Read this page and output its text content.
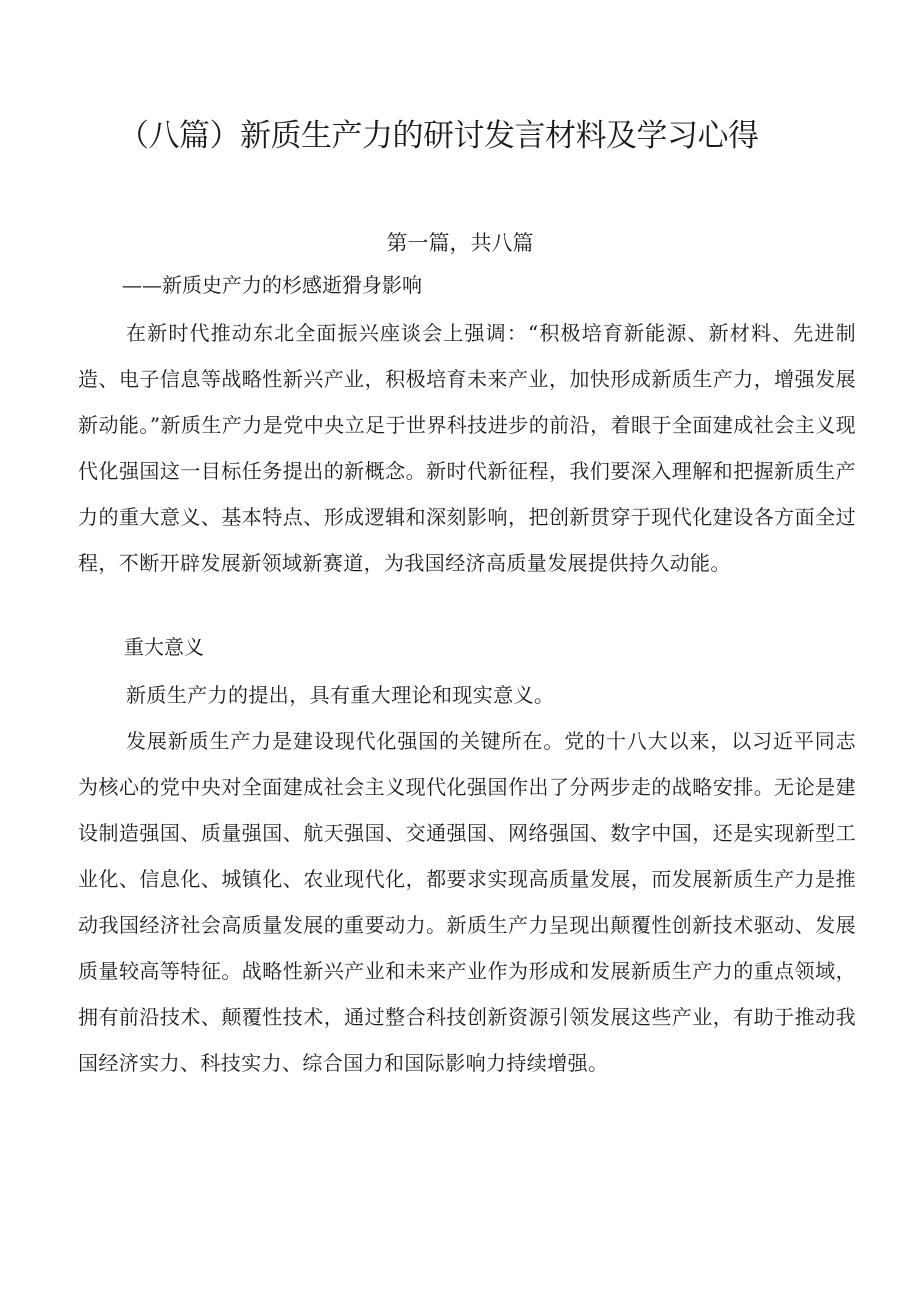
（八篇）新质生产力的研讨发言材料及学习心得
第一篇，共八篇

——新质史产力的杉感逝猾身影响

在新时代推动东北全面振兴座谈会上强调：“积极培育新能源、新材料、先进制造、电子信息等战略性新兴产业，积极培育未来产业，加快形成新质生产力，增强发展新动能。”新质生产力是党中央立足于世界科技进步的前沿，着眼于全面建成社会主义现代化强国这一目标任务提出的新概念。新时代新征程，我们要深入理解和把握新质生产力的重大意义、基本特点、形成逻辑和深刻影响，把创新贯穿于现代化建设各方面全过程，不断开辟发展新领域新赛道，为我国经济高质量发展提供持久动能。

重大意义

新质生产力的提出，具有重大理论和现实意义。

发展新质生产力是建设现代化强国的关键所在。党的十八大以来，以习近平同志为核心的党中央对全面建成社会主义现代化强国作出了分两步走的战略安排。无论是建设制造强国、质量强国、航天强国、交通强国、网络强国、数字中国，还是实现新型工业化、信息化、城镇化、农业现代化，都要求实现高质量发展，而发展新质生产力是推动我国经济社会高质量发展的重要动力。新质生产力呈现出颠覆性创新技术驱动、发展质量较高等特征。战略性新兴产业和未来产业作为形成和发展新质生产力的重点领域，拥有前沿技术、颠覆性技术，通过整合科技创新资源引领发展这些产业，有助于推动我国经济实力、科技实力、综合国力和国际影响力持续增强。
